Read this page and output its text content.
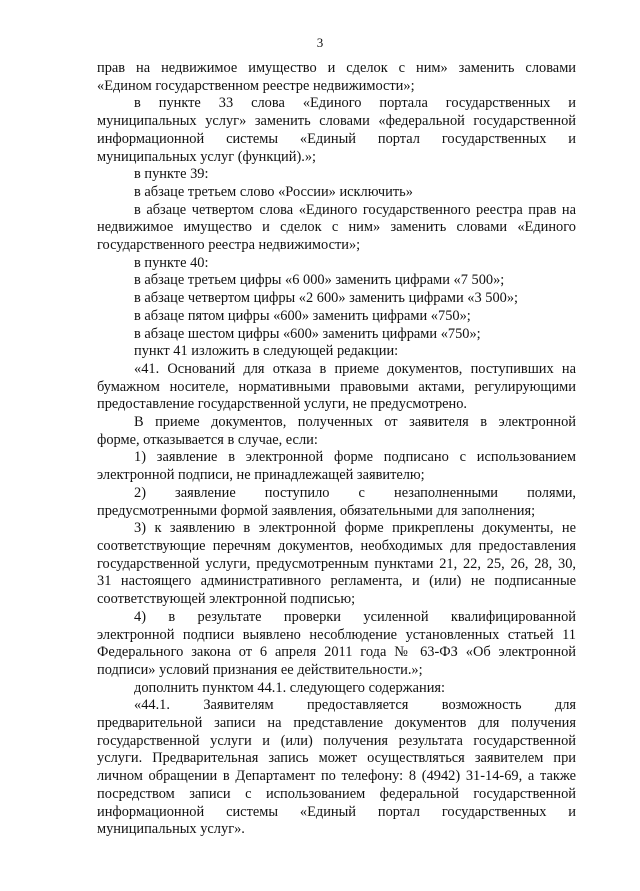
3

прав на недвижимое имущество и сделок с ним» заменить словами

«Едином государственном реестре недвижимости»;

в пункте 33 слова «Единого портала государственных и

муниципальных услуг» заменить словами «федеральной государственной

информационной системы «Единый портал государственных и

муниципальных услуг (функций).»;

в пункте 39:

в абзаце третьем слово «России» исключить»

в абзаце четвертом слова «Единого государственного реестра прав на

недвижимое имущество и сделок с ним» заменить словами «Единого

государственного реестра недвижимости»;

в пункте 40:

в абзаце третьем цифры «6 000» заменить цифрами «7 500»;

в абзаце четвертом цифры «2 600» заменить цифрами «3 500»;

в абзаце пятом цифры «600» заменить цифрами «750»;

в абзаце шестом цифры «600» заменить цифрами «750»;

пункт 41 изложить в следующей редакции:

«41. Оснований для отказа в приеме документов, поступивших на

бумажном носителе, нормативными правовыми актами, регулирующими

предоставление государственной услуги, не предусмотрено.

В приеме документов, полученных от заявителя в электронной

форме, отказывается в случае, если:

1) заявление в электронной форме подписано с использованием

электронной подписи, не принадлежащей заявителю;

2) заявление поступило с незаполненными полями,

предусмотренными формой заявления, обязательными для заполнения;

3) к заявлению в электронной форме прикреплены документы, не

соответствующие перечням документов, необходимых для предоставления

государственной услуги, предусмотренным пунктами 21, 22, 25, 26, 28, 30,

31 настоящего административного регламента, и (или) не подписанные

соответствующей электронной подписью;

4) в результате проверки усиленной квалифицированной

электронной подписи выявлено несоблюдение установленных статьей 11

Федерального закона от 6 апреля 2011 года № 63-ФЗ «Об электронной

подписи» условий признания ее действительности.»;

дополнить пунктом 44.1. следующего содержания:

«44.1. Заявителям предоставляется возможность для

предварительной записи на представление документов для получения

государственной услуги и (или) получения результата государственной

услуги. Предварительная запись может осуществляться заявителем при

личном обращении в Департамент по телефону: 8 (4942) 31-14-69, а также

посредством записи с использованием федеральной государственной

информационной системы «Единый портал государственных и

муниципальных услуг».
